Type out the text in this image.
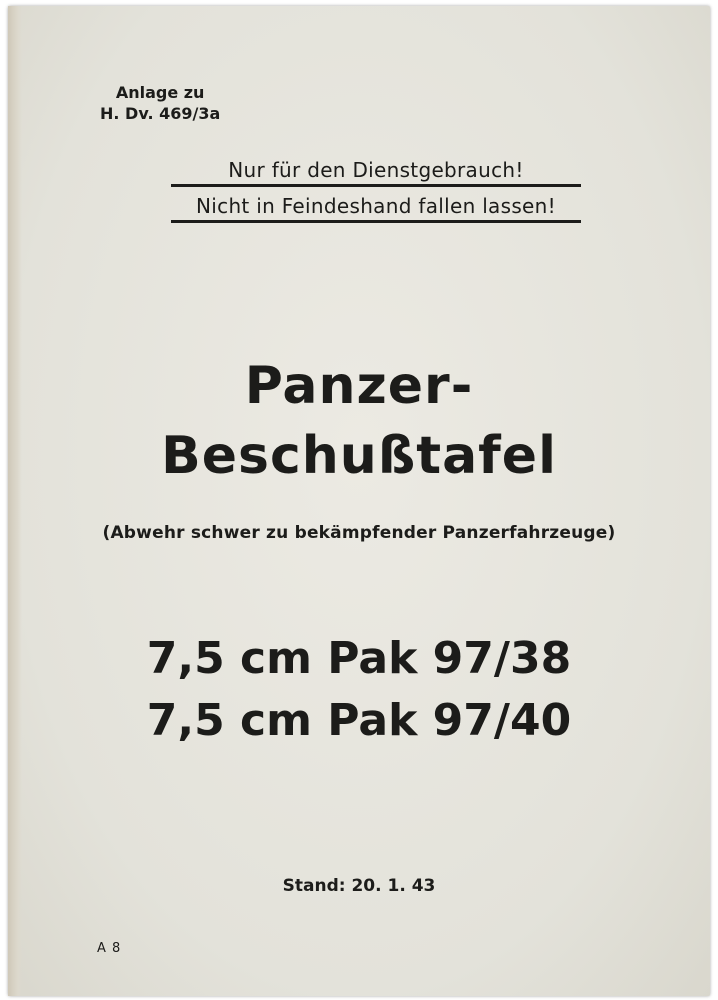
Anlage zu
H. Dv. 469/3a
Nur für den Dienstgebrauch!
Nicht in Feindeshand fallen lassen!
Panzer-
Beschußtafel
(Abwehr schwer zu bekämpfender Panzerfahrzeuge)
7,5 cm Pak 97/38
7,5 cm Pak 97/40
Stand: 20. 1. 43
A 8
